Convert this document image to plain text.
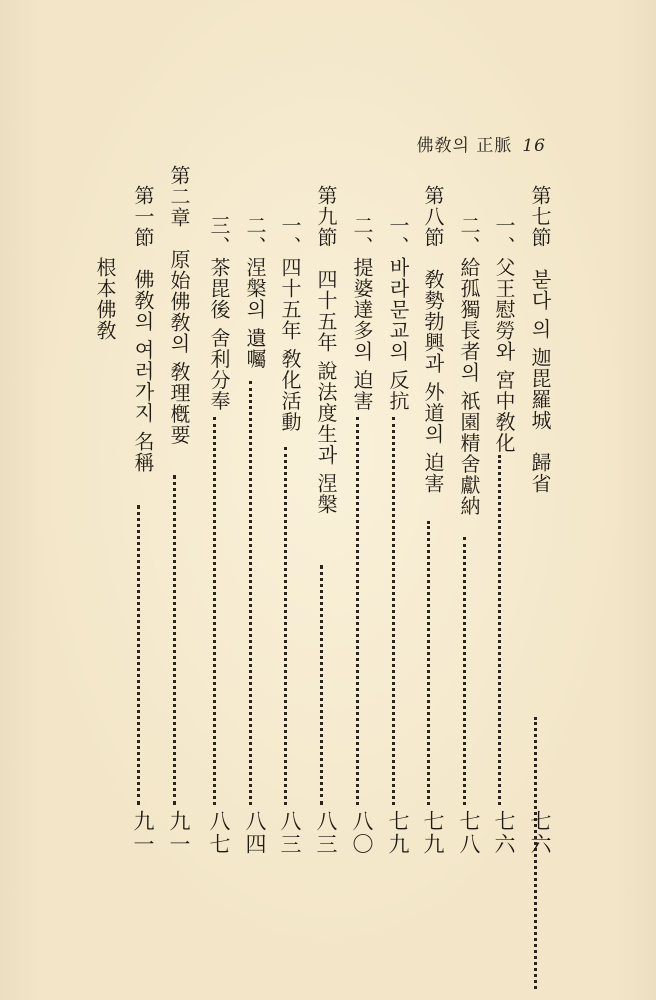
佛敎의 正脈 16
第七節　붇다 의 迦毘羅城　歸省
七六
一、父王慰勞와 宮中敎化
七六
二、給孤獨長者의 祇園精舍獻納
七八
第八節　敎勢勃興과 外道의 迫害
七九
一、바라문교의 反抗
七九
二、提婆達多의 迫害
八〇
第九節　四十五年 說法度生과 涅槃
八三
一、四十五年 敎化活動
八三
二、涅槃의 遺囑
八四
三、茶毘後 舍利分奉
八七
第二章　原始佛敎의 敎理槪要
九一
第一節　佛敎의 여러가지 名稱
九一
根本佛敎
